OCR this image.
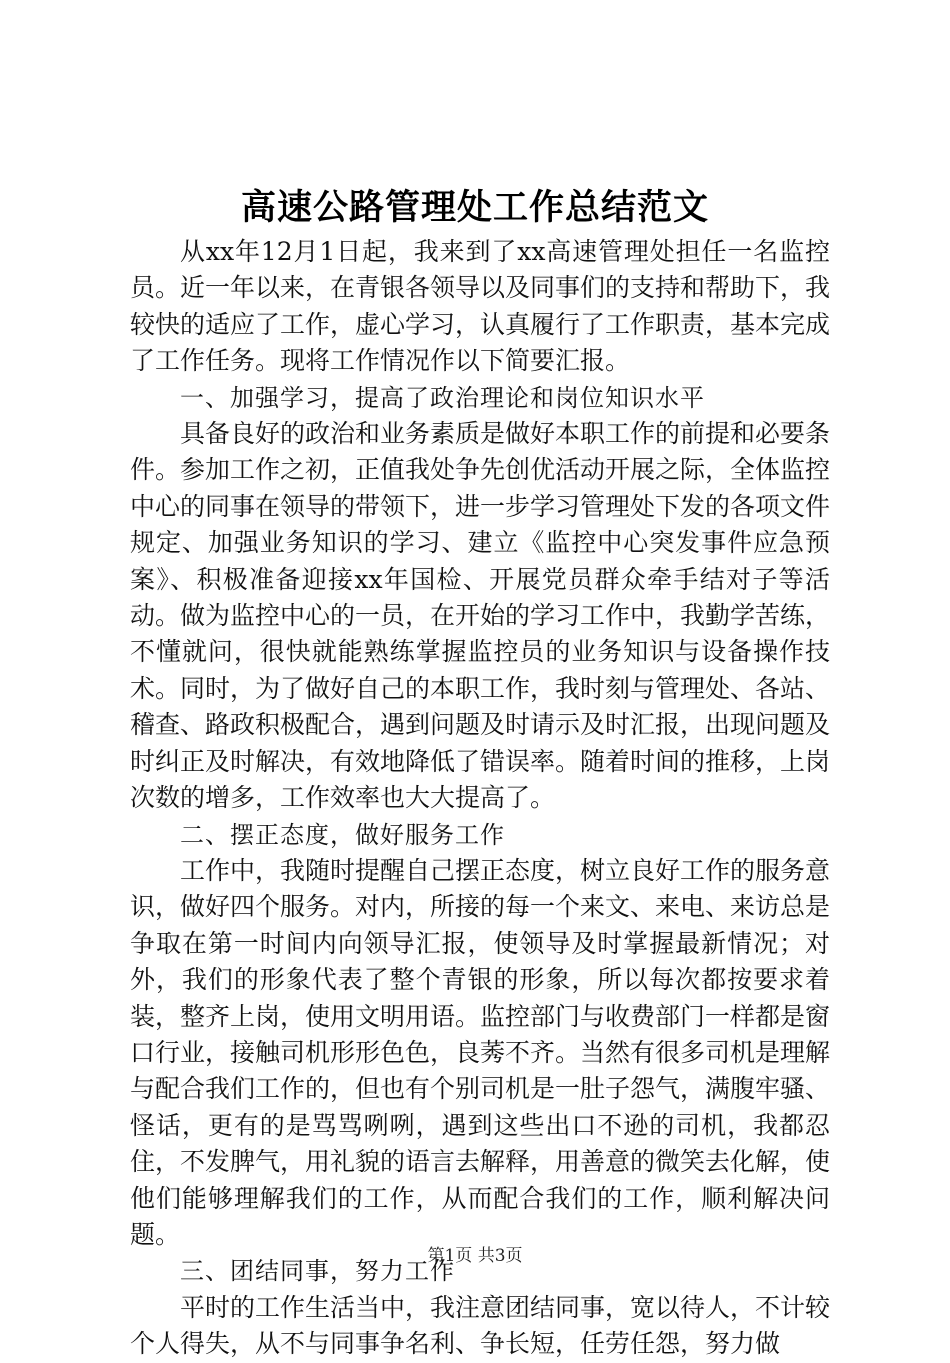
高速公路管理处工作总结范文

从xx年12月1日起，我来到了xx高速管理处担任一名监控员。近一年以来，在青银各领导以及同事们的支持和帮助下，我较快的适应了工作，虚心学习，认真履行了工作职责，基本完成了工作任务。现将工作情况作以下简要汇报。

一、加强学习，提高了政治理论和岗位知识水平

具备良好的政治和业务素质是做好本职工作的前提和必要条件。参加工作之初，正值我处争先创优活动开展之际，全体监控中心的同事在领导的带领下，进一步学习管理处下发的各项文件规定、加强业务知识的学习、建立《监控中心突发事件应急预案》、积极准备迎接xx年国检、开展党员群众牵手结对子等活动。做为监控中心的一员，在开始的学习工作中，我勤学苦练，不懂就问，很快就能熟练掌握监控员的业务知识与设备操作技术。同时，为了做好自己的本职工作，我时刻与管理处、各站、稽查、路政积极配合，遇到问题及时请示及时汇报，出现问题及时纠正及时解决，有效地降低了错误率。随着时间的推移，上岗次数的增多，工作效率也大大提高了。

二、摆正态度，做好服务工作

工作中，我随时提醒自己摆正态度，树立良好工作的服务意识，做好四个服务。对内，所接的每一个来文、来电、来访总是争取在第一时间内向领导汇报，使领导及时掌握最新情况；对外，我们的形象代表了整个青银的形象，所以每次都按要求着装，整齐上岗，使用文明用语。监控部门与收费部门一样都是窗口行业，接触司机形形色色，良莠不齐。当然有很多司机是理解与配合我们工作的，但也有个别司机是一肚子怨气，满腹牢骚、怪话，更有的是骂骂咧咧，遇到这些出口不逊的司机，我都忍住，不发脾气，用礼貌的语言去解释，用善意的微笑去化解，使他们能够理解我们的工作，从而配合我们的工作，顺利解决问题。

三、团结同事，努力工作

平时的工作生活当中，我注意团结同事，宽以待人，不计较个人得失，从不与同事争名利、争长短，任劳任怨，努力做

第1页 共3页
